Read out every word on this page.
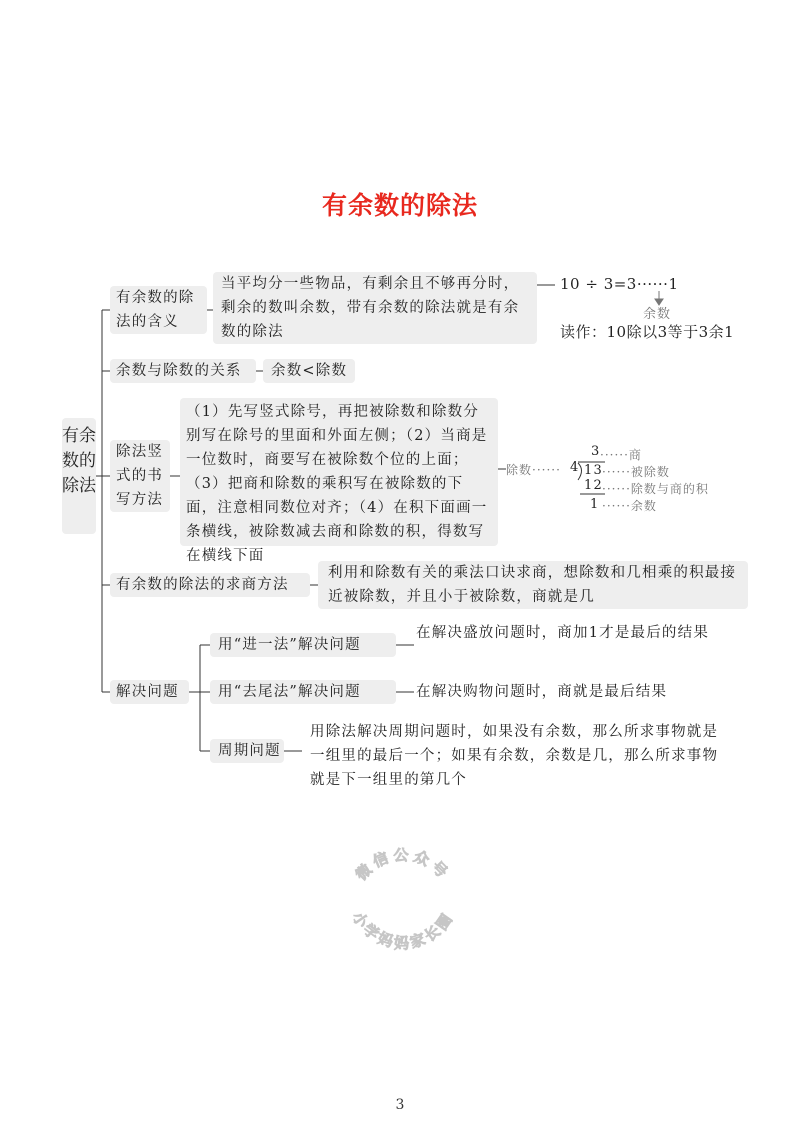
有余数的除法
有余数的除法
有余数的除法的含义
当平均分一些物品，有剩余且不够再分时，剩余的数叫余数，带有余数的除法就是有余数的除法
10 ÷ 3=3······1
余数
读作：10除以3等于3余1
余数与除数的关系	余数<除数
除法竖式的书写方法
（1）先写竖式除号，再把被除数和除数分别写在除号的里面和外面左侧；（2）当商是一位数时，商要写在被除数个位的上面；（3）把商和除数的乘积写在被除数的下面，注意相同数位对齐；（4）在积下面画一条横线，被除数减去商和除数的积，得数写在横线下面
除数······ 4
3 ······商
13 ······被除数
12 ······除数与商的积
1 ······余数
有余数的除法的求商方法
利用和除数有关的乘法口诀求商，想除数和几相乘的积最接近被除数，并且小于被除数，商就是几
解决问题
用“进一法”解决问题
在解决盛放问题时，商加1才是最后的结果
用“去尾法”解决问题	在解决购物问题时，商就是最后结果
周期问题
用除法解决周期问题时，如果没有余数，那么所求事物就是一组里的最后一个；如果有余数，余数是几，那么所求事物就是下一组里的第几个
微信公众号
小学妈妈家长圈
3
